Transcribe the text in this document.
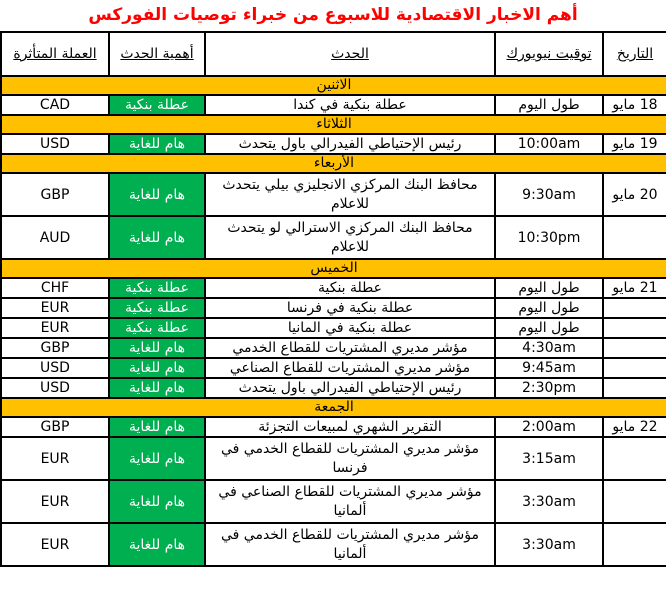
أهم الاخبار الاقتصادية للاسبوع من خبراء توصيات الفوركس
التاريخ	توقيت نيويورك	الحدث	أهمية الحدث	العملة المتأثرة
الاثنين				
18 مايو	طول اليوم	عطلة بنكية في كندا	عطلة بنكية	CAD
الثلاثاء				
19 مايو	10:00am	رئيس الإحتياطي الفيدرالي باول يتحدث	هام للغاية	USD
الأربعاء				
20 مايو	9:30am	محافظ البنك المركزي الانجليزي بيلي يتحدث للاعلام	هام للغاية	GBP
	10:30pm	محافظ البنك المركزي الاسترالي لو يتحدث للاعلام	هام للغاية	AUD
الخميس				
21 مايو	طول اليوم	عطلة بنكية	عطلة بنكية	CHF
	طول اليوم	عطلة بنكية في فرنسا	عطلة بنكية	EUR
	طول اليوم	عطلة بنكية في المانيا	عطلة بنكية	EUR
	4:30am	مؤشر مديري المشتريات للقطاع الخدمي	هام للغاية	GBP
	9:45am	مؤشر مديري المشتريات للقطاع الصناعي	هام للغاية	USD
	2:30pm	رئيس الإحتياطي الفيدرالي باول يتحدث	هام للغاية	USD
الجمعة				
22 مايو	2:00am	التقرير الشهري لمبيعات التجزئة	هام للغاية	GBP
	3:15am	مؤشر مديري المشتريات للقطاع الخدمي في فرنسا	هام للغاية	EUR
	3:30am	مؤشر مديري المشتريات للقطاع الصناعي في ألمانيا	هام للغاية	EUR
	3:30am	مؤشر مديري المشتريات للقطاع الخدمي في ألمانيا	هام للغاية	EUR
